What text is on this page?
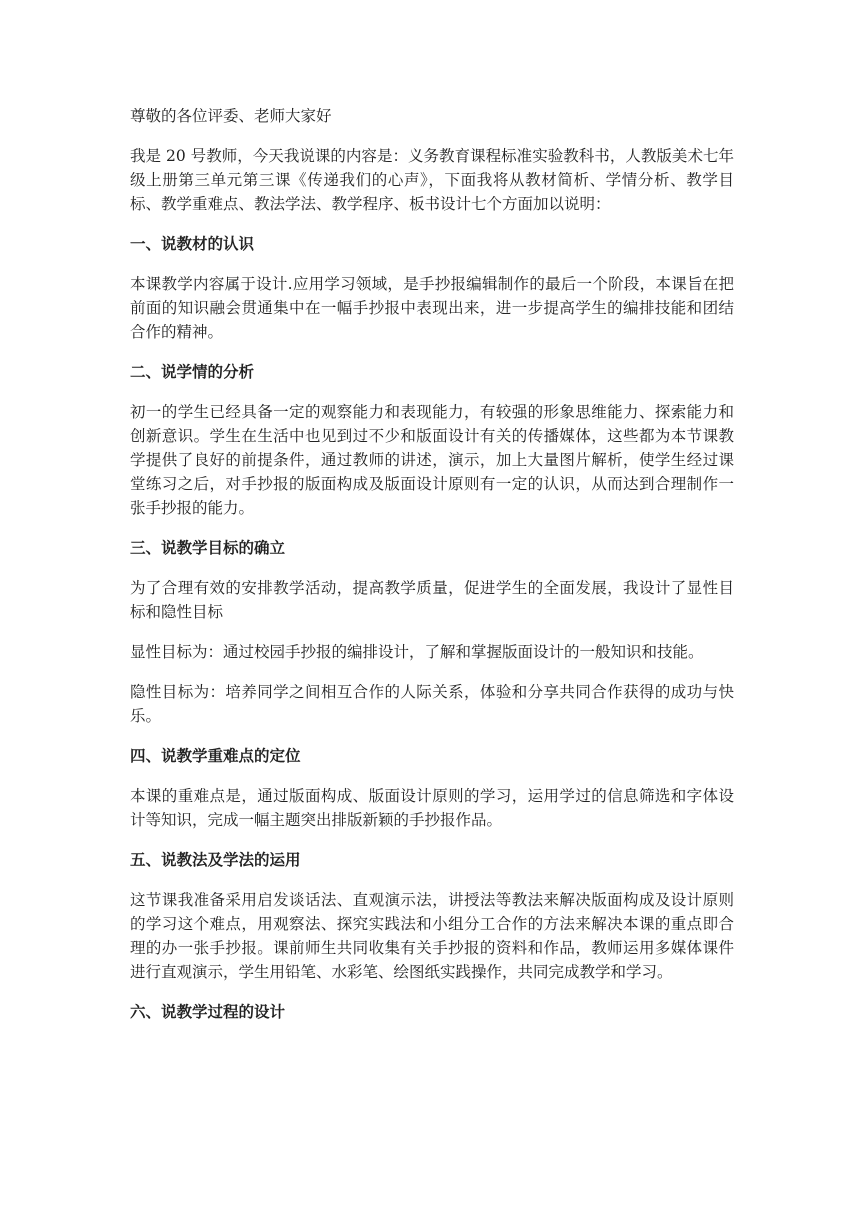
尊敬的各位评委、老师大家好

我是 20 号教师，今天我说课的内容是：义务教育课程标准实验教科书，人教版美术七年级上册第三单元第三课《传递我们的心声》，下面我将从教材简析、学情分析、教学目标、教学重难点、教法学法、教学程序、板书设计七个方面加以说明：

一、说教材的认识

本课教学内容属于设计.应用学习领域，是手抄报编辑制作的最后一个阶段，本课旨在把前面的知识融会贯通集中在一幅手抄报中表现出来，进一步提高学生的编排技能和团结合作的精神。

二、说学情的分析

初一的学生已经具备一定的观察能力和表现能力，有较强的形象思维能力、探索能力和创新意识。学生在生活中也见到过不少和版面设计有关的传播媒体，这些都为本节课教学提供了良好的前提条件，通过教师的讲述，演示，加上大量图片解析，使学生经过课堂练习之后，对手抄报的版面构成及版面设计原则有一定的认识，从而达到合理制作一张手抄报的能力。

三、说教学目标的确立

为了合理有效的安排教学活动，提高教学质量，促进学生的全面发展，我设计了显性目标和隐性目标

显性目标为：通过校园手抄报的编排设计，了解和掌握版面设计的一般知识和技能。

隐性目标为：培养同学之间相互合作的人际关系，体验和分享共同合作获得的成功与快乐。

四、说教学重难点的定位

本课的重难点是，通过版面构成、版面设计原则的学习，运用学过的信息筛选和字体设计等知识，完成一幅主题突出排版新颖的手抄报作品。

五、说教法及学法的运用

这节课我准备采用启发谈话法、直观演示法，讲授法等教法来解决版面构成及设计原则的学习这个难点，用观察法、探究实践法和小组分工合作的方法来解决本课的重点即合理的办一张手抄报。课前师生共同收集有关手抄报的资料和作品，教师运用多媒体课件进行直观演示，学生用铅笔、水彩笔、绘图纸实践操作，共同完成教学和学习。

六、说教学过程的设计
